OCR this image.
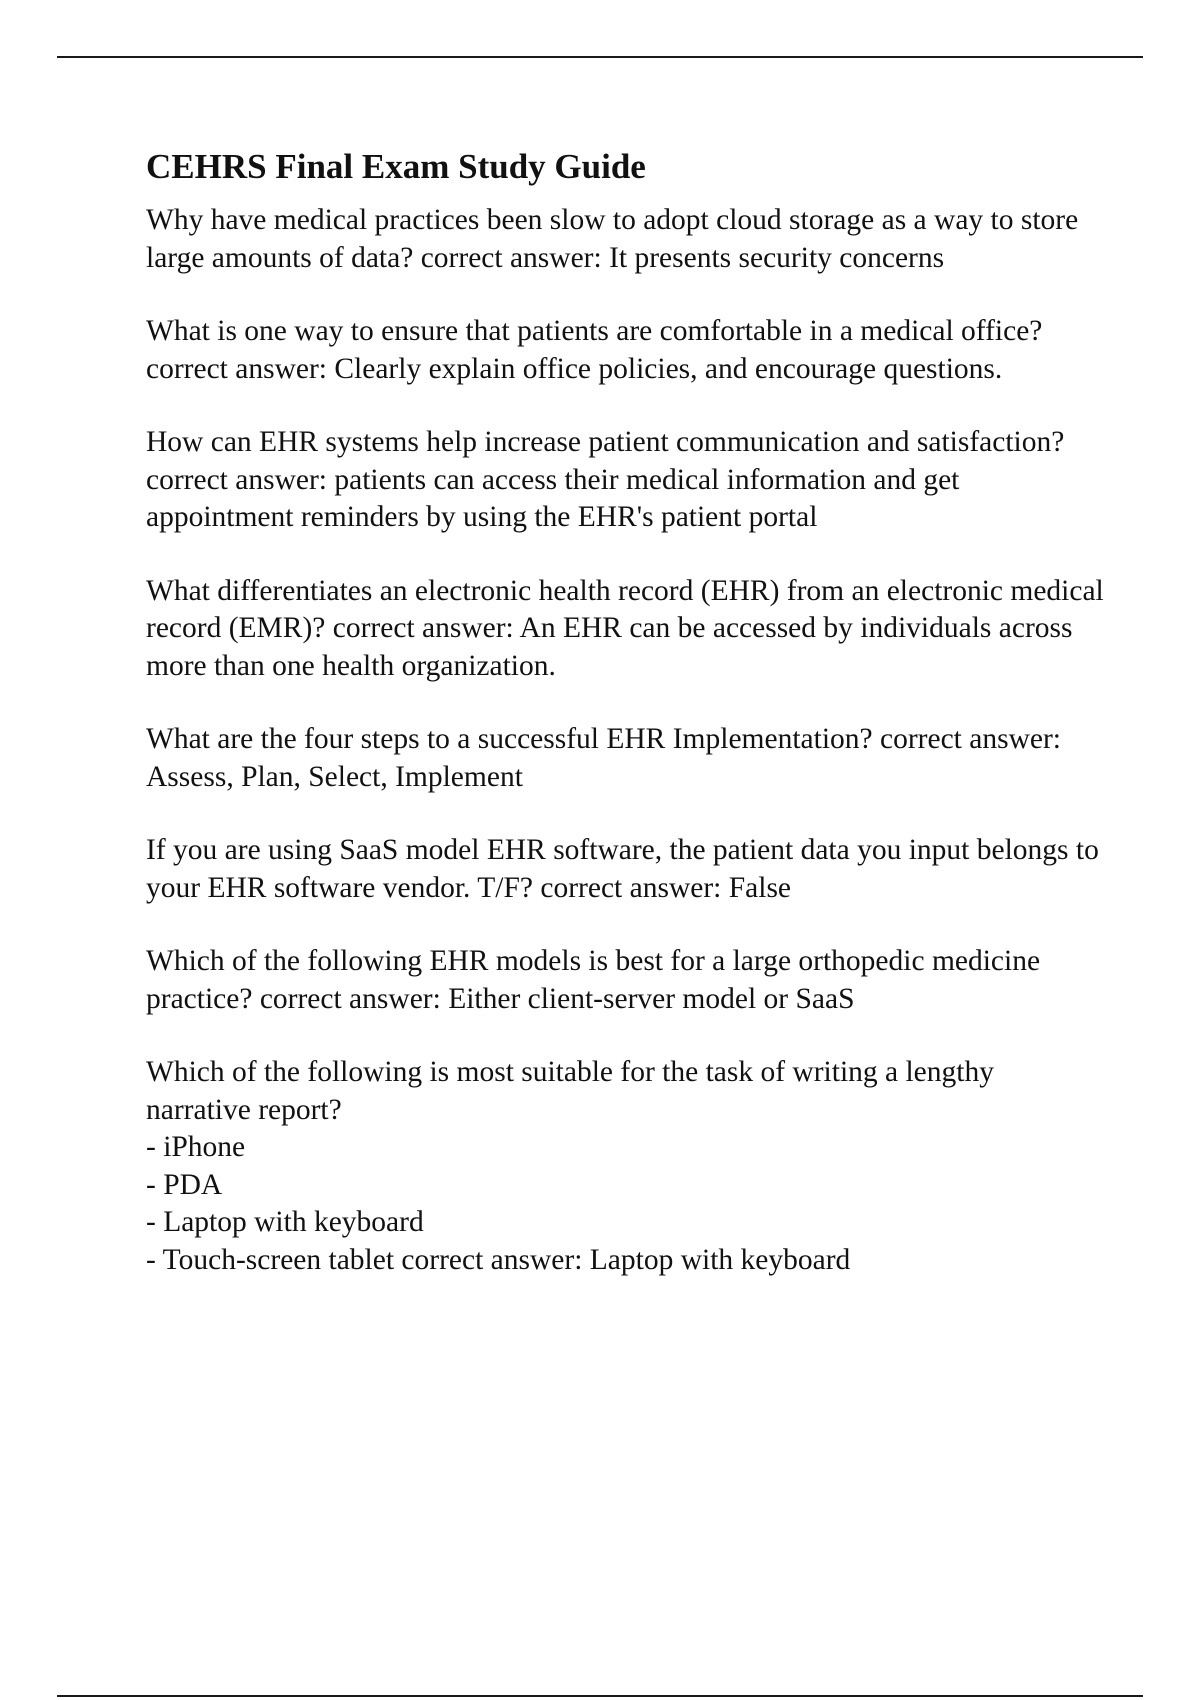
CEHRS Final Exam Study Guide

Why have medical practices been slow to adopt cloud storage as a way to store large amounts of data? correct answer: It presents security concerns

What is one way to ensure that patients are comfortable in a medical office? correct answer: Clearly explain office policies, and encourage questions.

How can EHR systems help increase patient communication and satisfaction? correct answer: patients can access their medical information and get appointment reminders by using the EHR's patient portal

What differentiates an electronic health record (EHR) from an electronic medical record (EMR)? correct answer: An EHR can be accessed by individuals across more than one health organization.

What are the four steps to a successful EHR Implementation? correct answer: Assess, Plan, Select, Implement

If you are using SaaS model EHR software, the patient data you input belongs to your EHR software vendor. T/F? correct answer: False

Which of the following EHR models is best for a large orthopedic medicine practice? correct answer: Either client-server model or SaaS

Which of the following is most suitable for the task of writing a lengthy narrative report?

- iPhone
- PDA
- Laptop with keyboard
- Touch-screen tablet correct answer: Laptop with keyboard
